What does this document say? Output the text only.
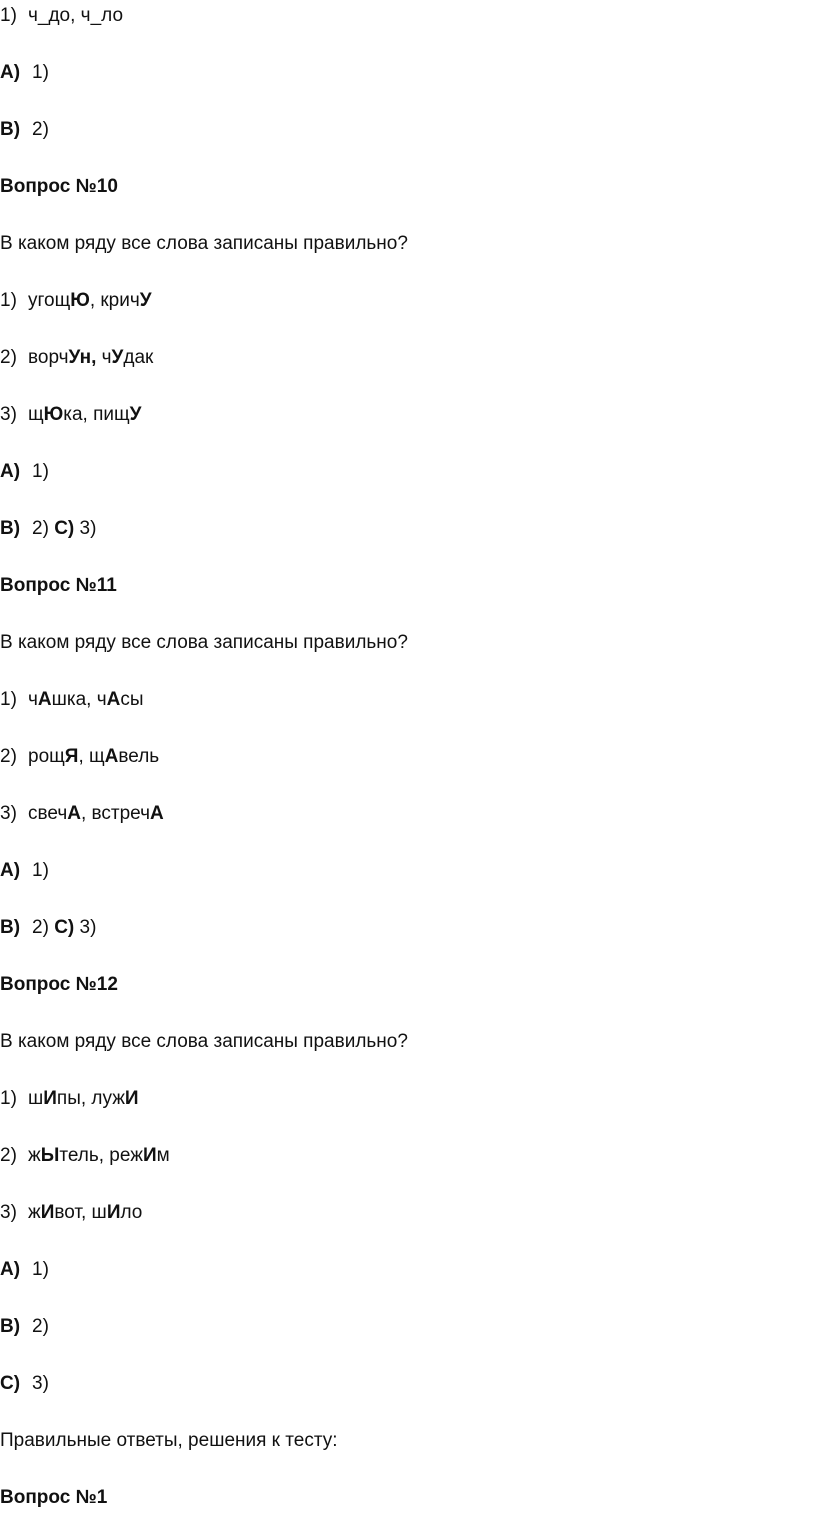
1) ч_до, ч_ло
A) 1)
B) 2)
Вопрос №10
В каком ряду все слова записаны правильно?
1) угощЮ, кричУ
2) ворчУн, чУдак
3) щЮка, пищУ
A) 1)
B) 2) C) 3)
Вопрос №11
В каком ряду все слова записаны правильно?
1) чАшка, чАсы
2) рощЯ, щАвель
3) свечА, встречА
A) 1)
B) 2) C) 3)
Вопрос №12
В каком ряду все слова записаны правильно?
1) шИпы, лужИ
2) жЫтель, режИм
3) жИвот, шИло
A) 1)
B) 2)
C) 3)
Правильные ответы, решения к тесту:
Вопрос №1
